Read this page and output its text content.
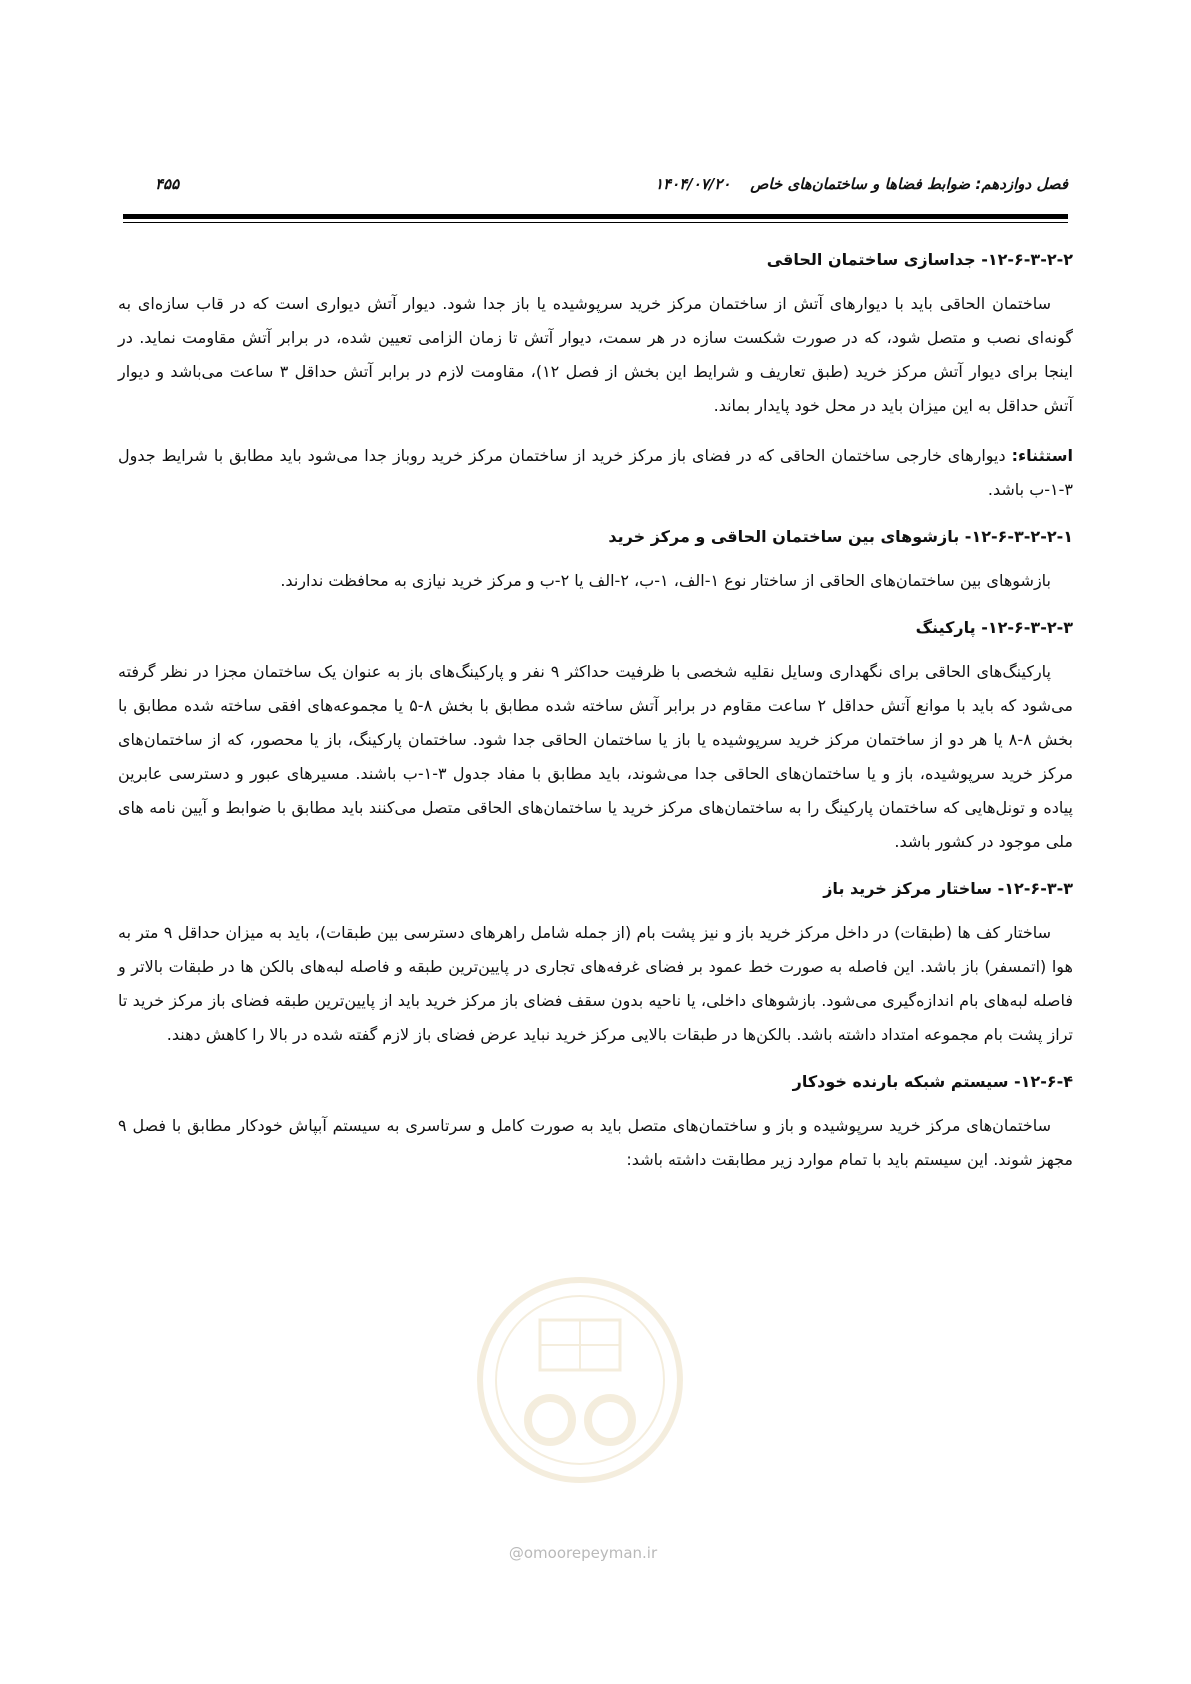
فصل دوازدهم: ضوابط فضاها و ساختمان‌های خاص
۱۴۰۴/۰۷/۲۰
۴۵۵
۱۲-۶-۳-۲-۲- جداسازی ساختمان الحاقی

ساختمان الحاقی باید با دیوارهای آتش از ساختمان مرکز خرید سرپوشیده یا باز جدا شود. دیوار آتش دیواری است که در قاب سازه‌ای به گونه‌ای نصب و متصل شود، که در صورت شکست سازه در هر سمت، دیوار آتش تا زمان الزامی تعیین شده، در برابر آتش مقاومت نماید. در اینجا برای دیوار آتش مرکز خرید (طبق تعاریف و شرایط این بخش از فصل ۱۲)، مقاومت لازم در برابر آتش حداقل ۳ ساعت می‌باشد و دیوار آتش حداقل به این میزان باید در محل خود پایدار بماند.

استثناء: دیوارهای خارجی ساختمان الحاقی که در فضای باز مرکز خرید از ساختمان مرکز خرید روباز جدا می‌شود باید مطابق با شرایط جدول ۳-۱-ب باشد.

۱۲-۶-۳-۲-۲-۱- بازشوهای بین ساختمان الحاقی و مرکز خرید

بازشوهای بین ساختمان‌های الحاقی از ساختار نوع ۱-الف، ۱-ب، ۲-الف یا ۲-ب و مرکز خرید نیازی به محافظت ندارند.

۱۲-۶-۳-۲-۳- پارکینگ

پارکینگ‌های الحاقی برای نگهداری وسایل نقلیه شخصی با ظرفیت حداکثر ۹ نفر و پارکینگ‌های باز به عنوان یک ساختمان مجزا در نظر گرفته می‌شود که باید با موانع آتش حداقل ۲ ساعت مقاوم در برابر آتش ساخته شده مطابق با بخش ۸-۵ یا مجموعه‌های افقی ساخته شده مطابق با بخش ۸-۸ یا هر دو از ساختمان مرکز خرید سرپوشیده یا باز یا ساختمان الحاقی جدا شود. ساختمان پارکینگ، باز یا محصور، که از ساختمان‌های مرکز خرید سرپوشیده، باز و یا ساختمان‌های الحاقی جدا می‌شوند، باید مطابق با مفاد جدول ۳-۱-ب باشند. مسیرهای عبور و دسترسی عابرین پیاده و تونل‌هایی که ساختمان پارکینگ را به ساختمان‌های مرکز خرید یا ساختمان‌های الحاقی متصل می‌کنند باید مطابق با ضوابط و آیین نامه های ملی موجود در کشور باشد.

۱۲-۶-۳-۳- ساختار مرکز خرید باز

ساختار کف ها (طبقات) در داخل مرکز خرید باز و نیز پشت بام (از جمله شامل راهرهای دسترسی بین طبقات)، باید به میزان حداقل ۹ متر به هوا (اتمسفر) باز باشد. این فاصله به صورت خط عمود بر فضای غرفه‌های تجاری در پایین‌ترین طبقه و فاصله لبه‌های بالکن ها در طبقات بالاتر و فاصله لبه‌های بام اندازه‌گیری می‌شود. بازشوهای داخلی، یا ناحیه بدون سقف فضای باز مرکز خرید باید از پایین‌ترین طبقه فضای باز مرکز خرید تا تراز پشت بام مجموعه امتداد داشته باشد. بالکن‌ها در طبقات بالایی مرکز خرید نباید عرض فضای باز لازم گفته شده در بالا را کاهش دهند.

۱۲-۶-۴- سیستم شبکه بارنده خودکار

ساختمان‌های مرکز خرید سرپوشیده و باز و ساختمان‌های متصل باید به صورت کامل و سرتاسری به سیستم آبپاش خودکار مطابق با فصل ۹ مجهز شوند. این سیستم باید با تمام موارد زیر مطابقت داشته باشد:

@omoorepeyman.ir
